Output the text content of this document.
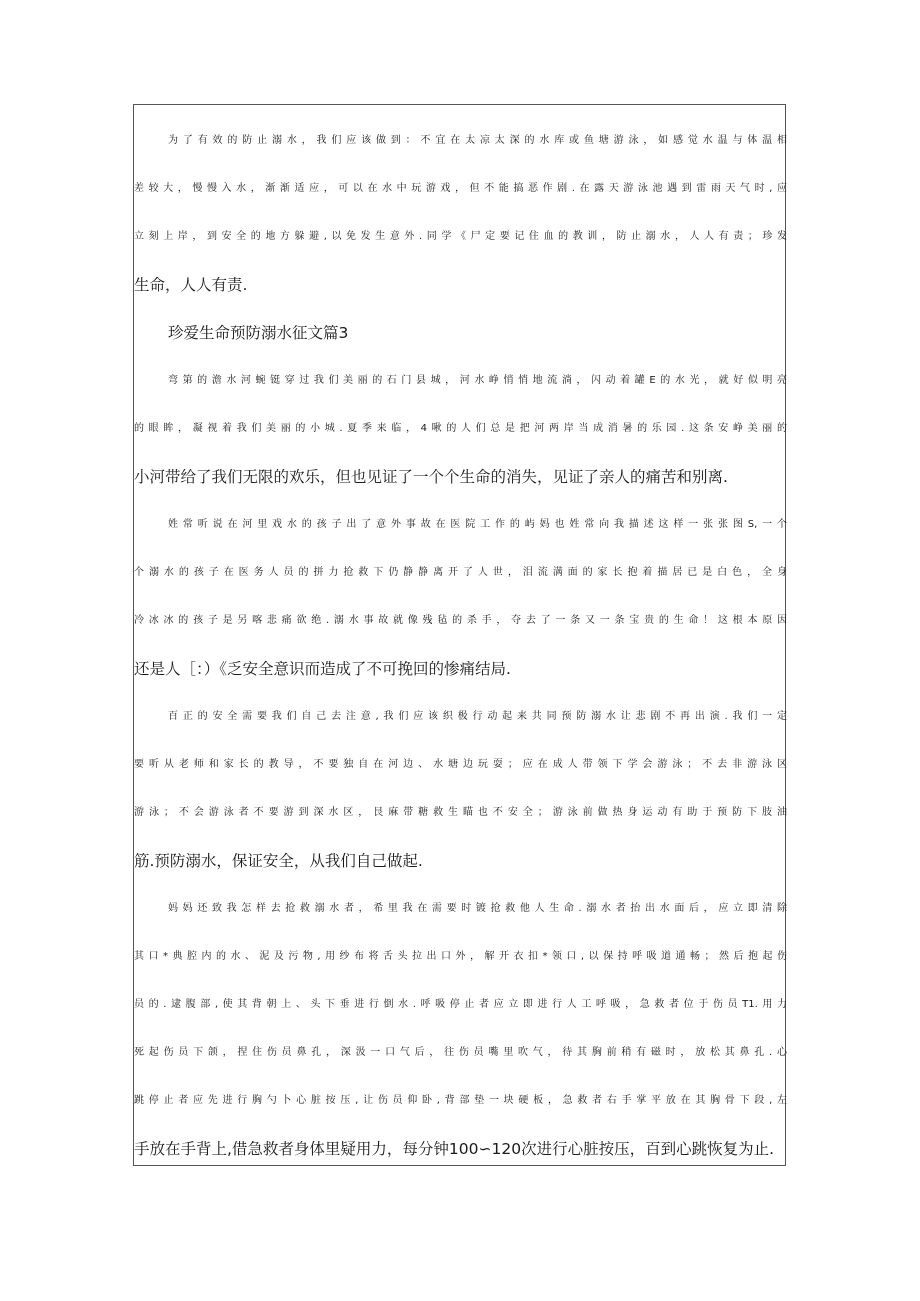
为了有效的防止溺水，我们应该做到：不宜在太凉太深的水库或鱼塘游泳，如感觉水温与体温相
差较大，慢慢入水，渐渐适应，可以在水中玩游戏，但不能搞恶作剧.在露天游泳池遇到雷雨天气时,应
立刻上岸，到安全的地方躲避,以免发生意外.同学《尸定要记住血的教训，防止溺水，人人有责；珍发
生命，人人有责.
珍爱生命预防溺水征文篇3
弯第的澹水河蜿铤穿过我们美丽的石门县城，河水峥悄悄地流淌，闪动着罐E的水光，就好似明亮
的眼眸，凝视着我们美丽的小城.夏季来临，4啾的人们总是把河两岸当成消暑的乐园.这条安峥美丽的
小河带给了我们无限的欢乐，但也见证了一个个生命的消失，见证了亲人的痛苦和别离.
姓常听说在河里戏水的孩子出了意外事故在医院工作的屿妈也姓常向我描述这样一张张图S,一个
个溺水的孩子在医务人员的拼力抢救下仍静静离开了人世，泪流满面的家长抱着描居已是白色，全身
冷冰冰的孩子是另喀悲痛欲绝.溺水事故就像残毡的杀手，夺去了一条又一条宝贵的生命！这根本原因
还是人［：）《乏安全意识而造成了不可挽回的惨痛结局.
百正的安全需要我们自己去注意,我们应该织极行动起来共同预防溺水让悲剧不再出演.我们一定
要听从老师和家长的教导，不要独自在河边、水塘边玩耍；应在成人带领下学会游泳；不去非游泳区
游泳；不会游泳者不要游到深水区，艮麻带糖救生瞄也不安全；游泳前做热身运动有助于预防下肢油
筋.预防溺水，保证安全，从我们自己做起.
妈妈还致我怎样去抢救溺水者，希里我在需要时镀抢救他人生命.溺水者抬出水面后，应立即清除
其口*典腔内的水、泥及污物,用纱布将舌头拉出口外，解开衣扣*领口,以保持呼吸道通畅；然后抱起伤
员的.逮腹部,使其背朝上、头下垂进行倒水.呼吸停止者应立即进行人工呼吸，急救者位于伤员T1.用力
死起伤员下颌，捏住伤员鼻孔，深汲一口气后，往伤员嘴里吹气，待其胸前稍有磁时，放松其鼻孔.心
跳停止者应先进行胸勺卜心脏按压,让伤员仰卧,背部垫一块硬板，急救者右手掌平放在其胸骨下段,左
手放在手背上,借急救者身体里疑用力，每分钟100∽120次进行心脏按压，百到心跳恢复为止.
